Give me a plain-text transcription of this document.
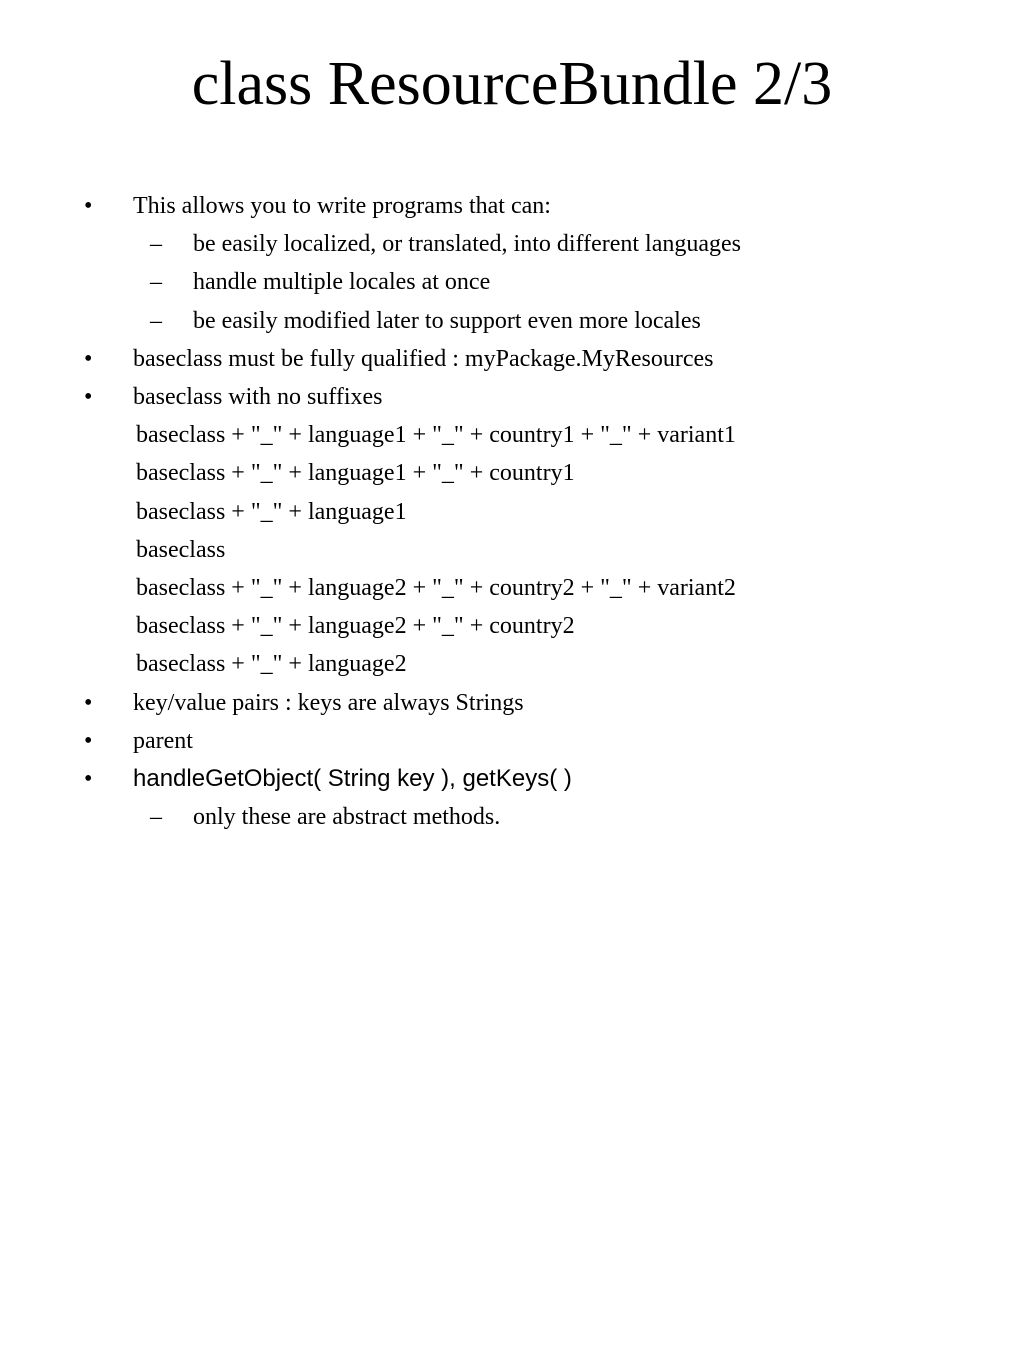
class ResourceBundle 2/3
• This allows you to write programs that can:
– be easily localized, or translated, into different languages
– handle multiple locales at once
– be easily modified later to support even more locales
• baseclass must be fully qualified : myPackage.MyResources
• baseclass with no suffixes
baseclass + "_" + language1 + "_" + country1 + "_" + variant1
baseclass + "_" + language1 + "_" + country1
baseclass + "_" + language1
baseclass
baseclass + "_" + language2 + "_" + country2 + "_" + variant2
baseclass + "_" + language2 + "_" + country2
baseclass + "_" + language2
• key/value pairs : keys are always Strings
• parent
• handleGetObject( String key ), getKeys( )
– only these are abstract methods.
